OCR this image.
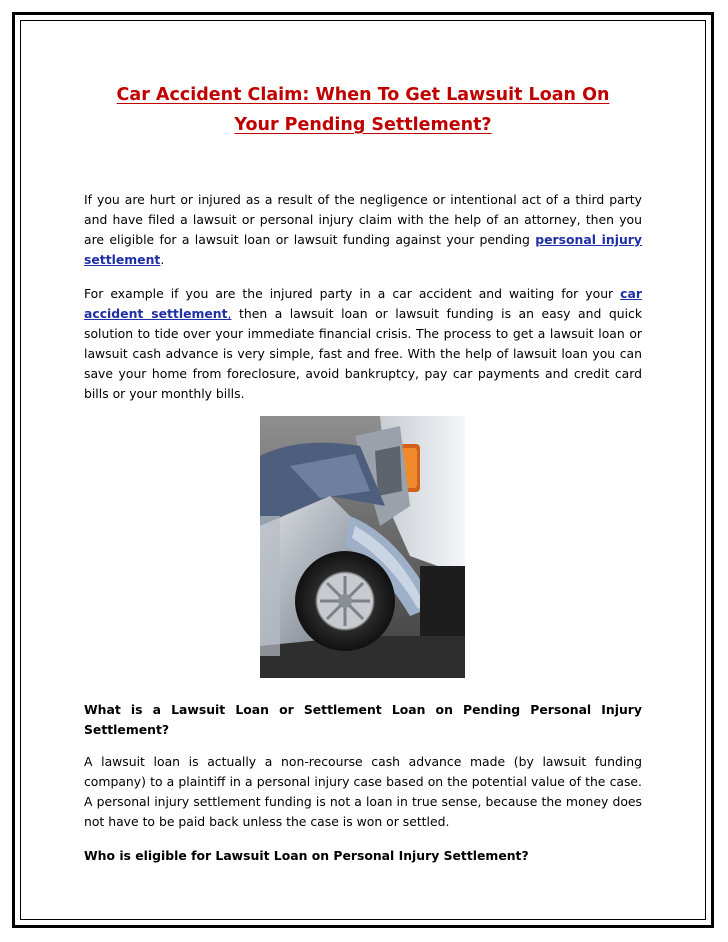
Car Accident Claim: When To Get Lawsuit Loan On
Your Pending Settlement?

If you are hurt or injured as a result of the negligence or intentional act of a third party and have filed a lawsuit or personal injury claim with the help of an attorney, then you are eligible for a lawsuit loan or lawsuit funding against your pending personal injury settlement.

For example if you are the injured party in a car accident and waiting for your car accident settlement, then a lawsuit loan or lawsuit funding is an easy and quick solution to tide over your immediate financial crisis. The process to get a lawsuit loan or lawsuit cash advance is very simple, fast and free. With the help of lawsuit loan you can save your home from foreclosure, avoid bankruptcy, pay car payments and credit card bills or your monthly bills.

What is a Lawsuit Loan or Settlement Loan on Pending Personal Injury Settlement?

A lawsuit loan is actually a non-recourse cash advance made (by lawsuit funding company) to a plaintiff in a personal injury case based on the potential value of the case. A personal injury settlement funding is not a loan in true sense, because the money does not have to be paid back unless the case is won or settled.

Who is eligible for Lawsuit Loan on Personal Injury Settlement?
